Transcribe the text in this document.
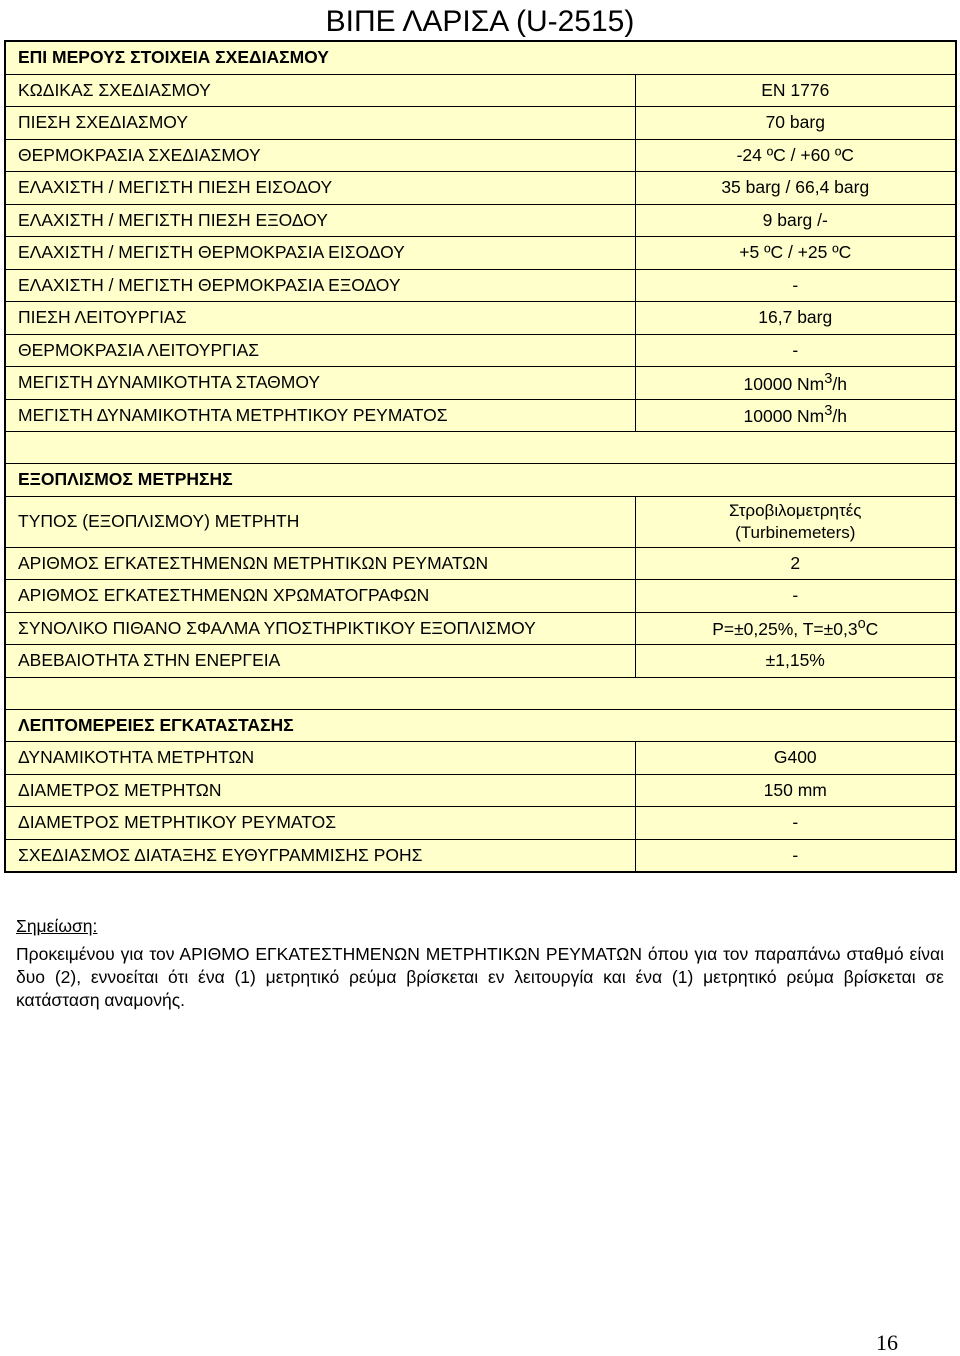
ΒΙΠΕ ΛΑΡΙΣΑ (U-2515)
ΕΠΙ ΜΕΡΟΥΣ ΣΤΟΙΧΕΙΑ ΣΧΕΔΙΑΣΜΟΥ	
ΚΩΔΙΚΑΣ ΣΧΕΔΙΑΣΜΟΥ	EN 1776
ΠΙΕΣΗ ΣΧΕΔΙΑΣΜΟΥ	70 barg
ΘΕΡΜΟΚΡΑΣΙΑ ΣΧΕΔΙΑΣΜΟΥ	-24 ºC / +60 ºC
ΕΛΑΧΙΣΤΗ / ΜΕΓΙΣΤΗ ΠΙΕΣΗ ΕΙΣΟΔΟΥ	35 barg / 66,4 barg
ΕΛΑΧΙΣΤΗ / ΜΕΓΙΣΤΗ ΠΙΕΣΗ ΕΞΟΔΟΥ	9 barg /-
ΕΛΑΧΙΣΤΗ / ΜΕΓΙΣΤΗ ΘΕΡΜΟΚΡΑΣΙΑ ΕΙΣΟΔΟΥ	+5 ºC / +25 ºC
ΕΛΑΧΙΣΤΗ / ΜΕΓΙΣΤΗ ΘΕΡΜΟΚΡΑΣΙΑ ΕΞΟΔΟΥ	-
ΠΙΕΣΗ ΛΕΙΤΟΥΡΓΙΑΣ	16,7 barg
ΘΕΡΜΟΚΡΑΣΙΑ ΛΕΙΤΟΥΡΓΙΑΣ	-
ΜΕΓΙΣΤΗ ΔΥΝΑΜΙΚΟΤΗΤΑ ΣΤΑΘΜΟΥ	10000 Nm$^3$/h
ΜΕΓΙΣΤΗ ΔΥΝΑΜΙΚΟΤΗΤΑ ΜΕΤΡΗΤΙΚΟΥ ΡΕΥΜΑΤΟΣ	10000 Nm$^3$/h

ΕΞΟΠΛΙΣΜΟΣ ΜΕΤΡΗΣΗΣ	
ΤΥΠΟΣ (ΕΞΟΠΛΙΣΜΟΥ) ΜΕΤΡΗΤΗ	Στροβιλομετρητές
(Turbinemeters)

ΑΡΙΘΜΟΣ ΕΓΚΑΤΕΣΤΗΜΕΝΩΝ ΜΕΤΡΗΤΙΚΩΝ ΡΕΥΜΑΤΩΝ	2
ΑΡΙΘΜΟΣ ΕΓΚΑΤΕΣΤΗΜΕΝΩΝ ΧΡΩΜΑΤΟΓΡΑΦΩΝ	-
ΣΥΝΟΛΙΚΟ ΠΙΘΑΝΟ ΣΦΑΛΜΑ ΥΠΟΣΤΗΡΙΚΤΙΚΟΥ ΕΞΟΠΛΙΣΜΟΥ	P=±0,25%, $T=\pm 0,3^oC$
ΑΒΕΒΑΙΟΤΗΤΑ ΣΤΗΝ ΕΝΕΡΓΕΙΑ	±1,15%

ΛΕΠΤΟΜΕΡΕΙΕΣ ΕΓΚΑΤΑΣΤΑΣΗΣ	
ΔΥΝΑΜΙΚΟΤΗΤΑ ΜΕΤΡΗΤΩΝ	G400
ΔΙΑΜΕΤΡΟΣ ΜΕΤΡΗΤΩΝ	150 mm
ΔΙΑΜΕΤΡΟΣ ΜΕΤΡΗΤΙΚΟΥ ΡΕΥΜΑΤΟΣ	-
ΣΧΕΔΙΑΣΜΟΣ ΔΙΑΤΑΞΗΣ ΕΥΘΥΓΡΑΜΜΙΣΗΣ ΡΟΗΣ	-
Σημείωση:
Προκειμένου για τον ΑΡΙΘΜΟ ΕΓΚΑΤΕΣΤΗΜΕΝΩΝ ΜΕΤΡΗΤΙΚΩΝ ΡΕΥΜΑΤΩΝ όπου για τον παραπάνω σταθμό είναι δυο (2), εννοείται ότι ένα (1) μετρητικό ρεύμα βρίσκεται εν λειτουργία και ένα (1) μετρητικό ρεύμα βρίσκεται σε κατάσταση αναμονής.
16
